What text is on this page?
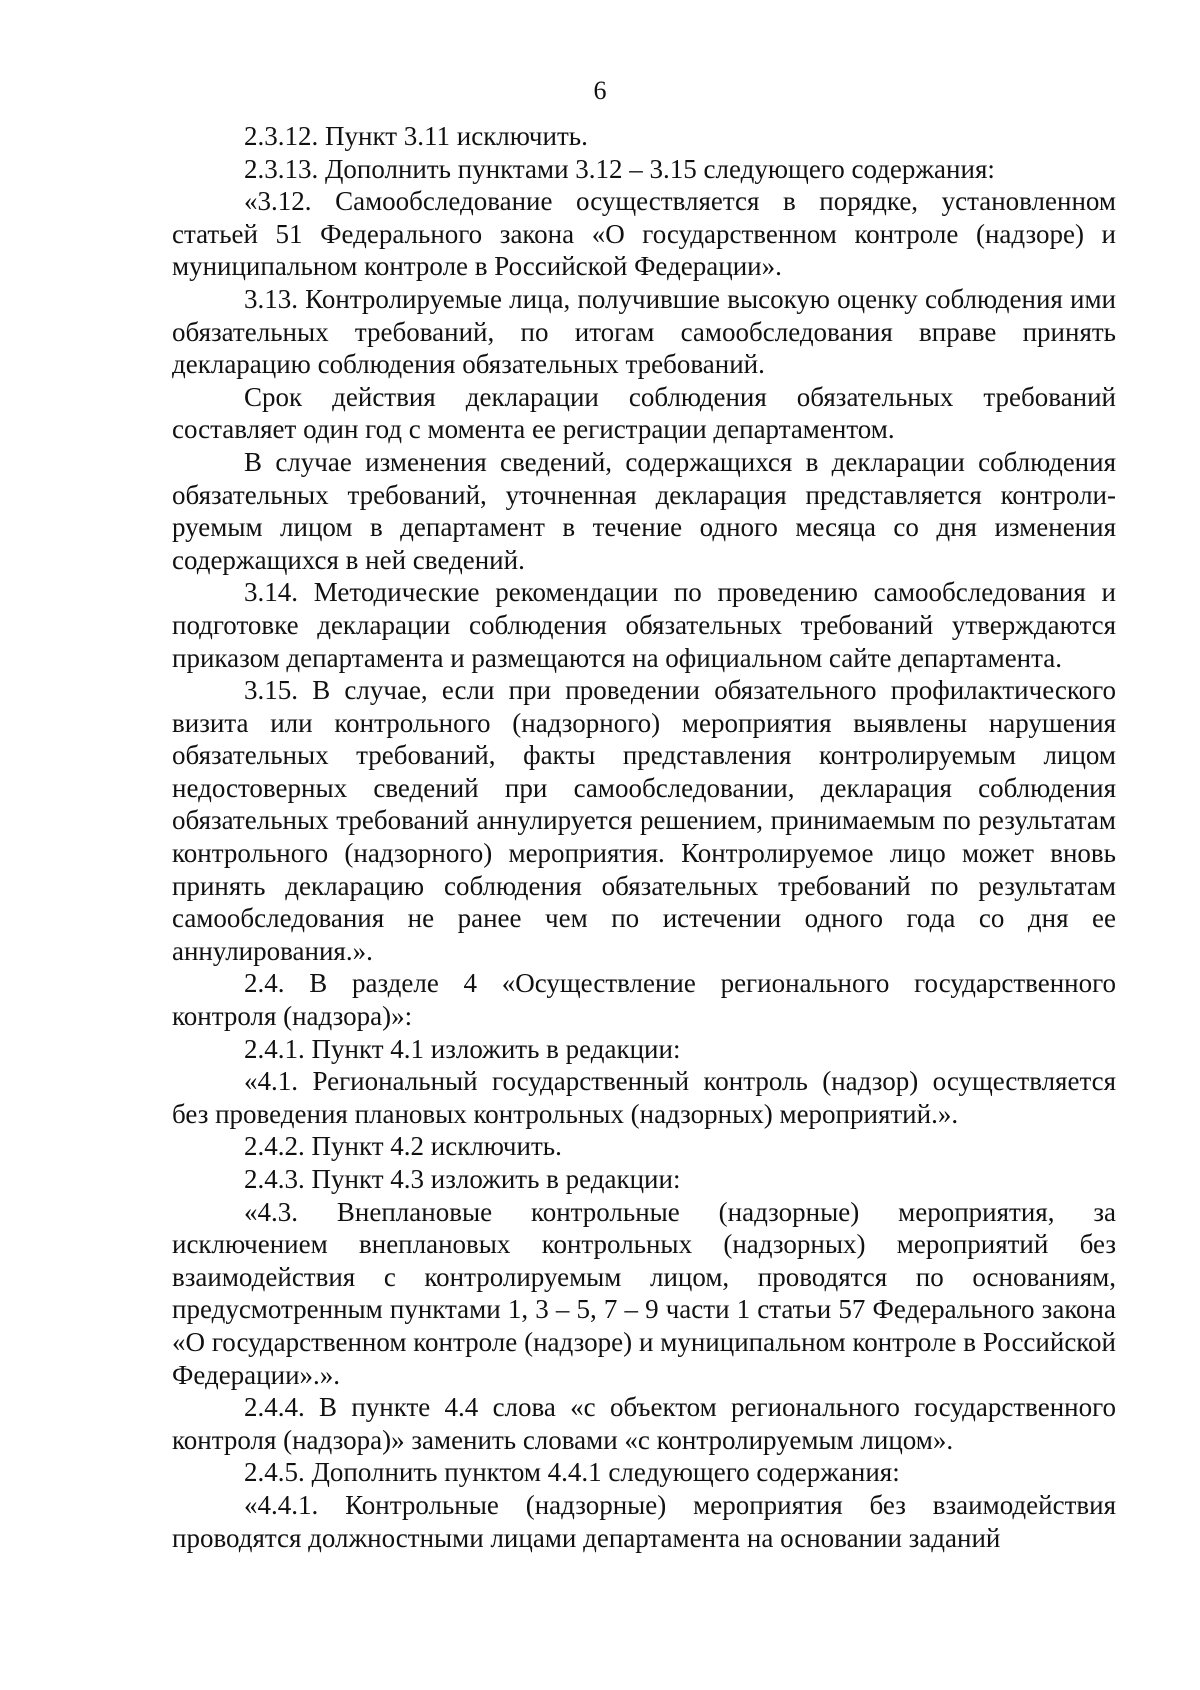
6

2.3.12. Пункт 3.11 исключить.

2.3.13. Дополнить пунктами 3.12 – 3.15 следующего содержания:

«3.12. Самообследование осуществляется в порядке, установленном статьей 51 Федерального закона «О государственном контроле (надзоре) и муниципальном контроле в Российской Федерации».

3.13. Контролируемые лица, получившие высокую оценку соблюдения ими обязательных требований, по итогам самообследования вправе принять декларацию соблюдения обязательных требований.

Срок действия декларации соблюдения обязательных требований составляет один год с момента ее регистрации департаментом.

В случае изменения сведений, содержащихся в декларации соблюдения обязательных требований, уточненная декларация представляется контролируемым лицом в департамент в течение одного месяца со дня изменения содержащихся в ней сведений.

3.14. Методические рекомендации по проведению самообследования и подготовке декларации соблюдения обязательных требований утверждаются приказом департамента и размещаются на официальном сайте департамента.

3.15. В случае, если при проведении обязательного профилактического визита или контрольного (надзорного) мероприятия выявлены нарушения обязательных требований, факты представления контролируемым лицом недостоверных сведений при самообследовании, декларация соблюдения обязательных требований аннулируется решением, принимаемым по результатам контрольного (надзорного) мероприятия. Контролируемое лицо может вновь принять декларацию соблюдения обязательных требований по результатам самообследования не ранее чем по истечении одного года со дня ее аннулирования.».

2.4. В разделе 4 «Осуществление регионального государственного контроля (надзора)»:

2.4.1. Пункт 4.1 изложить в редакции:

«4.1. Региональный государственный контроль (надзор) осуществляется без проведения плановых контрольных (надзорных) мероприятий.».

2.4.2. Пункт 4.2 исключить.

2.4.3. Пункт 4.3 изложить в редакции:

«4.3. Внеплановые контрольные (надзорные) мероприятия, за исключением внеплановых контрольных (надзорных) мероприятий без взаимодействия с контролируемым лицом, проводятся по основаниям, предусмотренным пунктами 1, 3 – 5, 7 – 9 части 1 статьи 57 Федерального закона «О государственном контроле (надзоре) и муниципальном контроле в Российской Федерации».».

2.4.4. В пункте 4.4 слова «с объектом регионального государственного контроля (надзора)» заменить словами «с контролируемым лицом».

2.4.5. Дополнить пунктом 4.4.1 следующего содержания:

«4.4.1. Контрольные (надзорные) мероприятия без взаимодействия проводятся должностными лицами департамента на основании заданий
